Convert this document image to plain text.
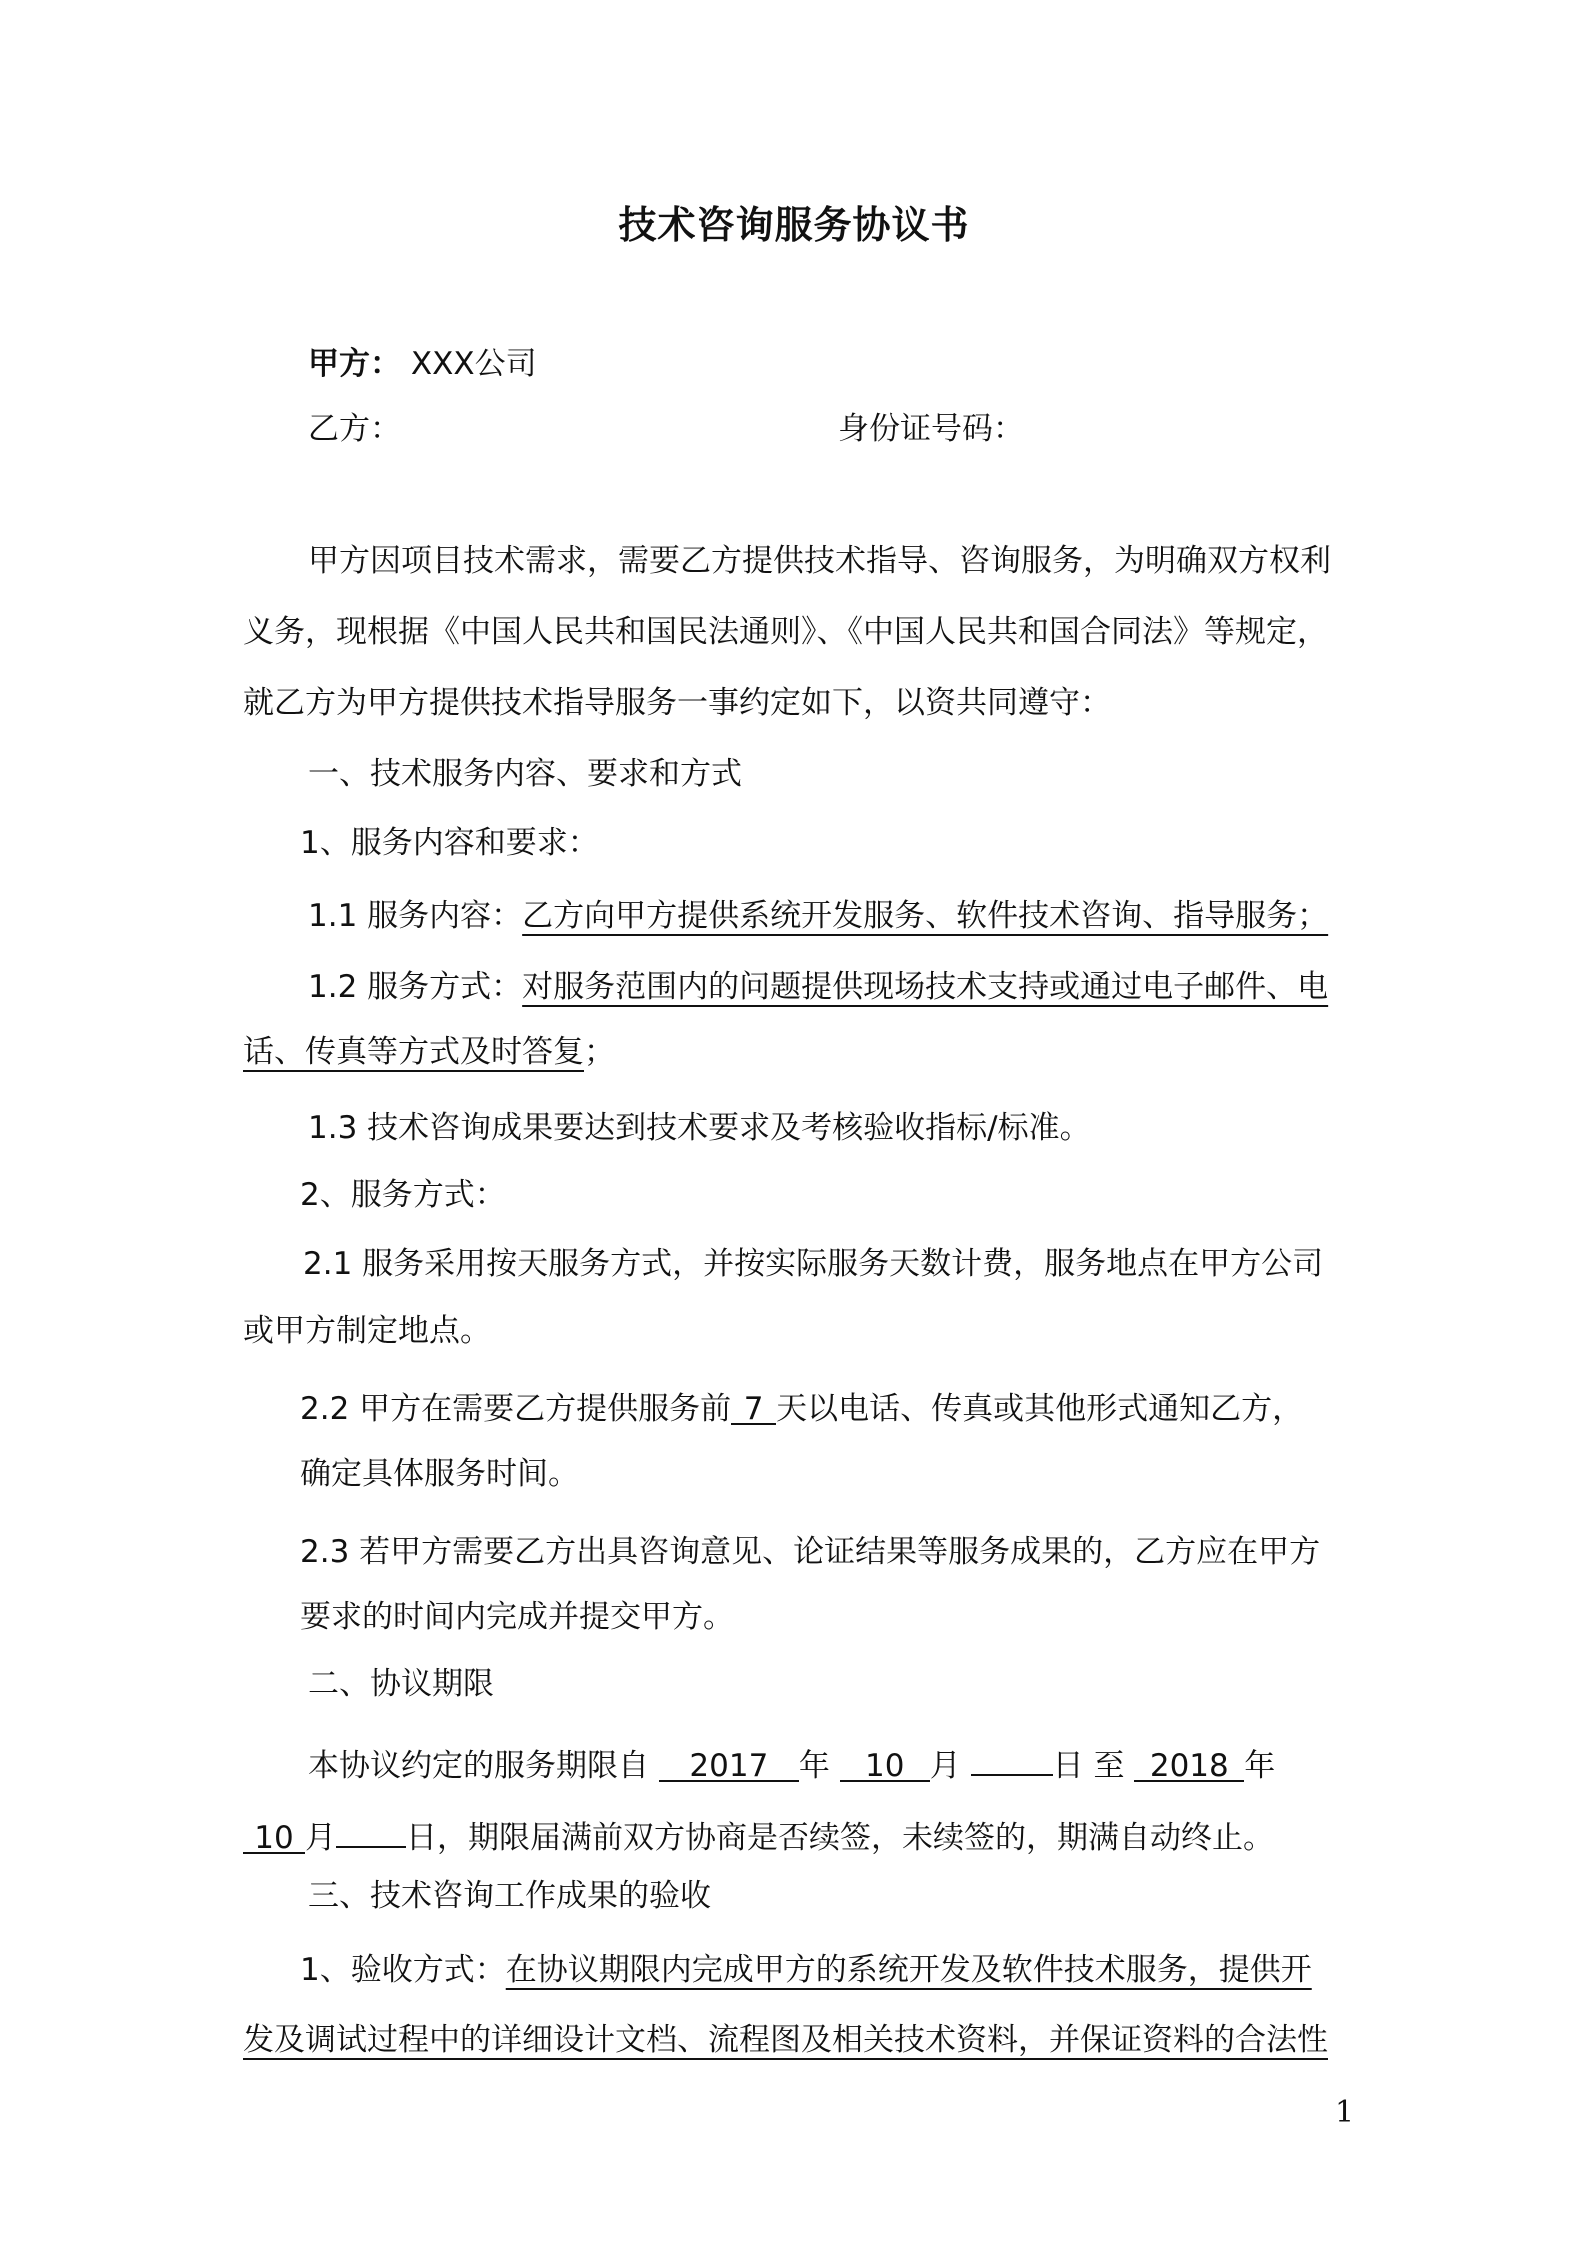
技术咨询服务协议书
甲方： XXX公司
乙方：	身份证号码：
甲方因项目技术需求，需要乙方提供技术指导、咨询服务，为明确双方权利
义务，现根据《中国人民共和国民法通则》、《中国人民共和国合同法》等规定，
就乙方为甲方提供技术指导服务一事约定如下，以资共同遵守：
一、技术服务内容、要求和方式
1、服务内容和要求：
1.1 服务内容：乙方向甲方提供系统开发服务、软件技术咨询、指导服务；
1.2 服务方式：对服务范围内的问题提供现场技术支持或通过电子邮件、电
话、传真等方式及时答复；
1.3 技术咨询成果要达到技术要求及考核验收指标/标准。
2、服务方式：
2.1 服务采用按天服务方式，并按实际服务天数计费，服务地点在甲方公司
或甲方制定地点。
2.2 甲方在需要乙方提供服务前 7 天以电话、传真或其他形式通知乙方，
确定具体服务时间。
2.3 若甲方需要乙方出具咨询意见、论证结果等服务成果的，乙方应在甲方
要求的时间内完成并提交甲方。
二、协议期限
本协议约定的服务期限自 2017 年 10 月	日 至 2018 年
10 月 日，期限届满前双方协商是否续签，未续签的，期满自动终止。
三、技术咨询工作成果的验收
1、验收方式：在协议期限内完成甲方的系统开发及软件技术服务，提供开
发及调试过程中的详细设计文档、流程图及相关技术资料，并保证资料的合法性
1
